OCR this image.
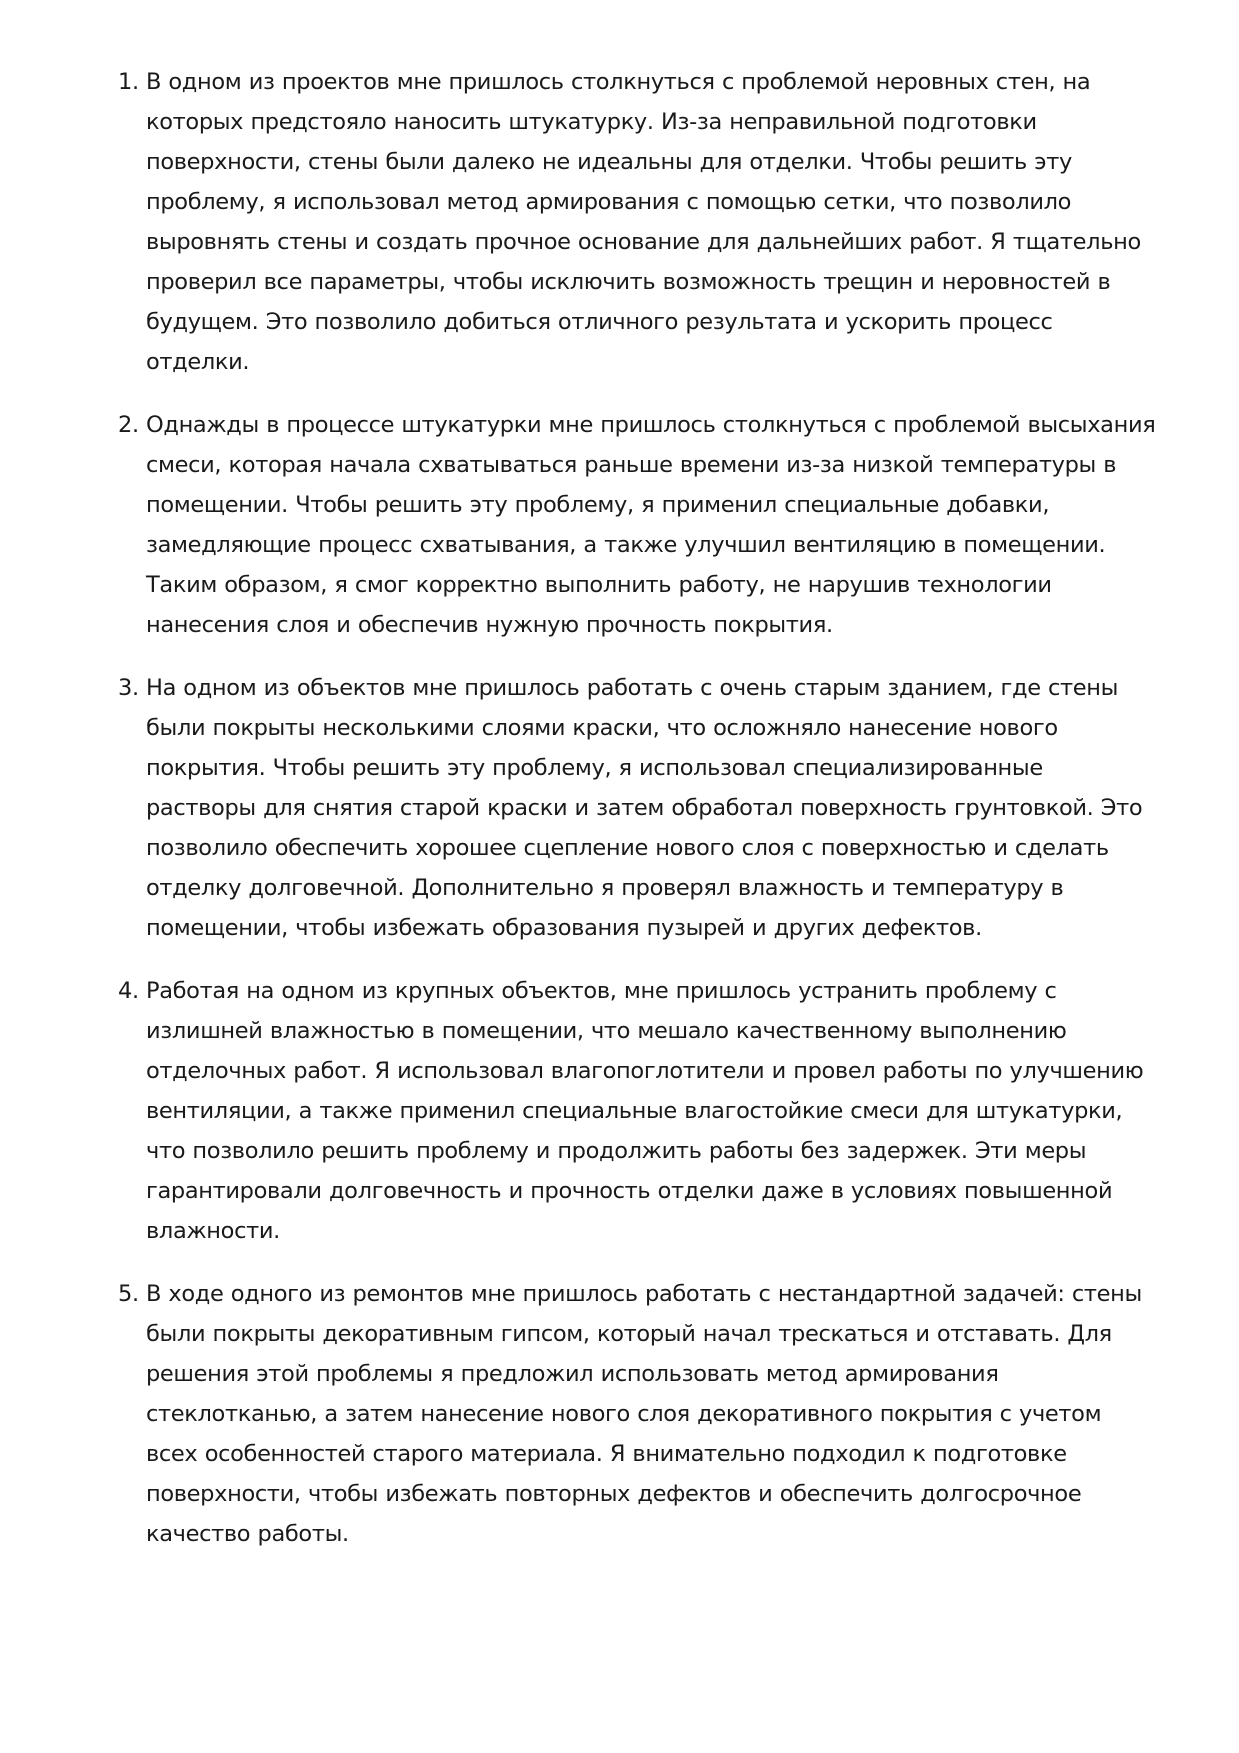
1. В одном из проектов мне пришлось столкнуться с проблемой неровных стен, на которых предстояло наносить штукатурку. Из-за неправильной подготовки поверхности, стены были далеко не идеальны для отделки. Чтобы решить эту проблему, я использовал метод армирования с помощью сетки, что позволило выровнять стены и создать прочное основание для дальнейших работ. Я тщательно проверил все параметры, чтобы исключить возможность трещин и неровностей в будущем. Это позволило добиться отличного результата и ускорить процесс отделки.
2. Однажды в процессе штукатурки мне пришлось столкнуться с проблемой высыхания смеси, которая начала схватываться раньше времени из-за низкой температуры в помещении. Чтобы решить эту проблему, я применил специальные добавки, замедляющие процесс схватывания, а также улучшил вентиляцию в помещении. Таким образом, я смог корректно выполнить работу, не нарушив технологии нанесения слоя и обеспечив нужную прочность покрытия.
3. На одном из объектов мне пришлось работать с очень старым зданием, где стены были покрыты несколькими слоями краски, что осложняло нанесение нового покрытия. Чтобы решить эту проблему, я использовал специализированные растворы для снятия старой краски и затем обработал поверхность грунтовкой. Это позволило обеспечить хорошее сцепление нового слоя с поверхностью и сделать отделку долговечной. Дополнительно я проверял влажность и температуру в помещении, чтобы избежать образования пузырей и других дефектов.
4. Работая на одном из крупных объектов, мне пришлось устранить проблему с излишней влажностью в помещении, что мешало качественному выполнению отделочных работ. Я использовал влагопоглотители и провел работы по улучшению вентиляции, а также применил специальные влагостойкие смеси для штукатурки, что позволило решить проблему и продолжить работы без задержек. Эти меры гарантировали долговечность и прочность отделки даже в условиях повышенной влажности.
5. В ходе одного из ремонтов мне пришлось работать с нестандартной задачей: стены были покрыты декоративным гипсом, который начал трескаться и отставать. Для решения этой проблемы я предложил использовать метод армирования стеклотканью, а затем нанесение нового слоя декоративного покрытия с учетом всех особенностей старого материала. Я внимательно подходил к подготовке поверхности, чтобы избежать повторных дефектов и обеспечить долгосрочное качество работы.
